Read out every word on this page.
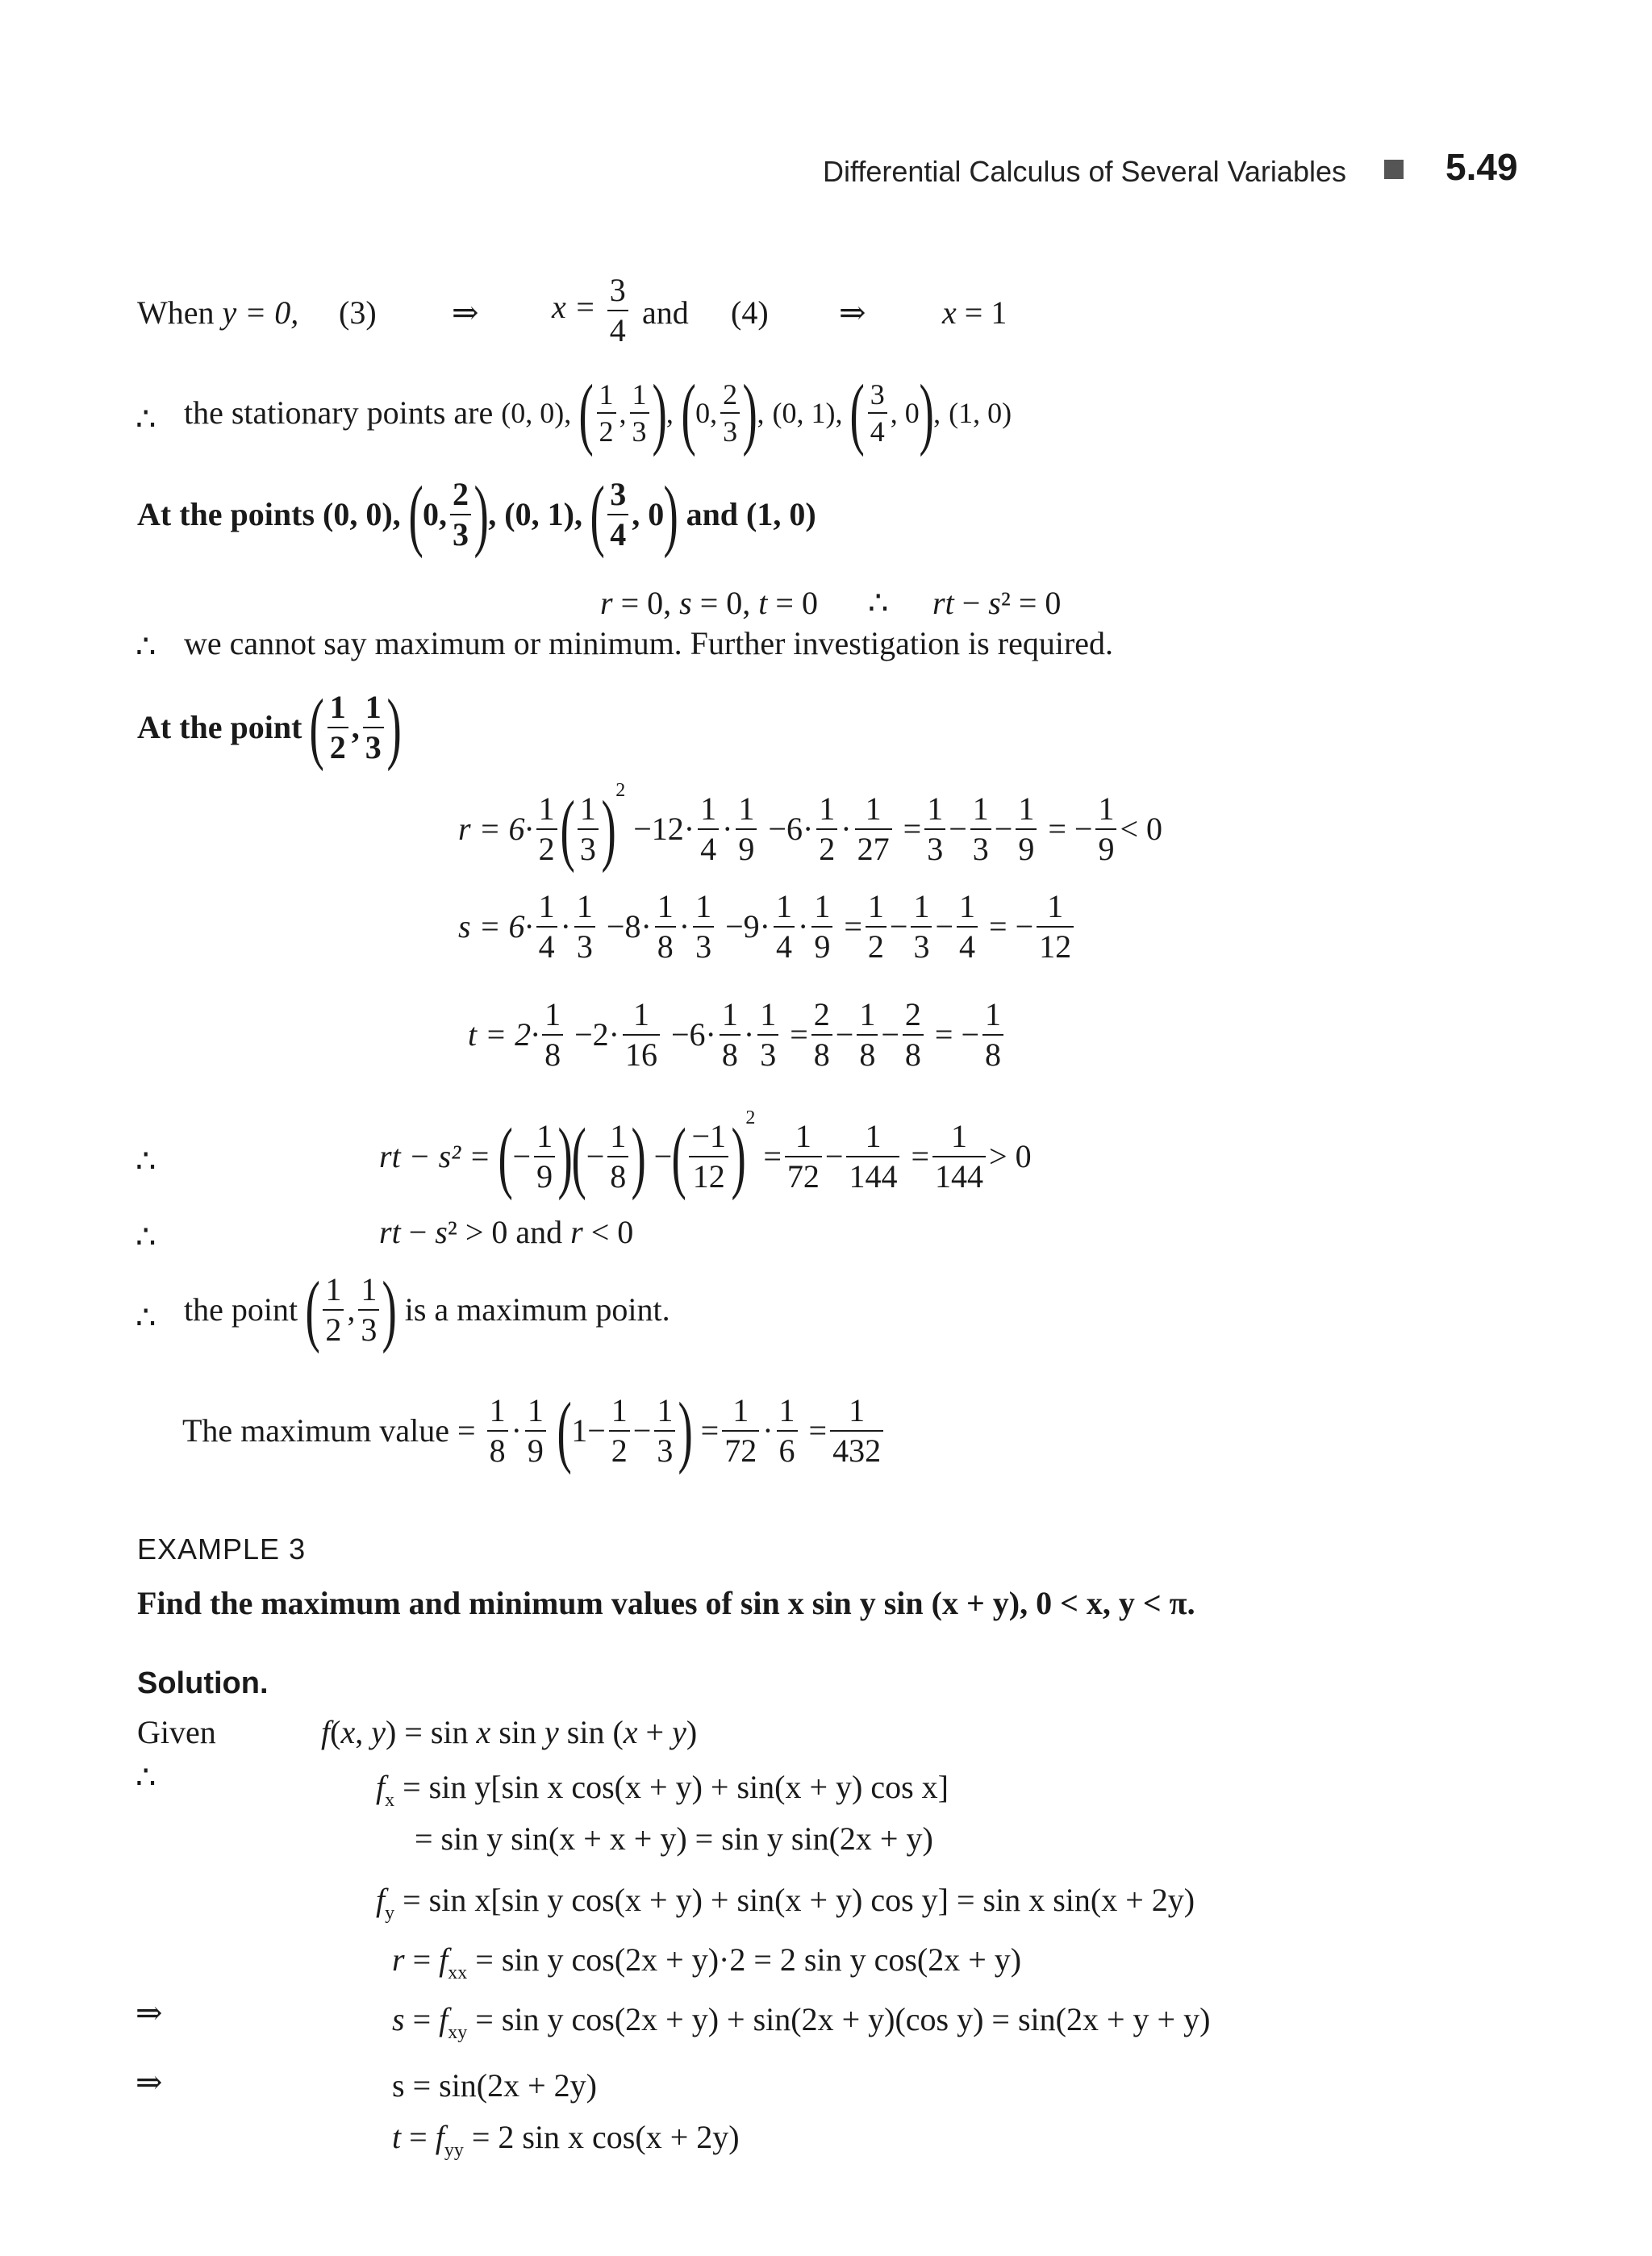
Differential Calculus of Several Variables	5.49
When y = 0, (3) ⇒ $x = \frac{3}{4}$ and (4) ⇒ x = 1
∴ the stationary points are (0, 0), ( $\frac{1}{2}$ , $\frac{1}{3}$ ), (0, $\frac{2}{3}$ ), (0, 1), ( $\frac{3}{4}$ , 0), (1, 0)
At the points (0, 0), (0, $\frac{2}{3}$ ), (0, 1), ( $\frac{3}{4}$ , 0) and (1, 0)
r = 0, s = 0, t = 0 ∴ rt − s² = 0
∴ we cannot say maximum or minimum. Further investigation is required.
At the point ( $\frac{1}{2}$ , $\frac{1}{3}$ )
$r = 6\cdot \frac{1}{2}$ ( $\frac{1}{3} )^2 -12\cdot \frac{1}{4} \cdot \frac{1}{9} -6\cdot \frac{1}{2} \cdot \frac{1}{27} = \frac{1}{3} - \frac{1}{3} - \frac{1}{9}$ = − $\frac{1}{9} < 0$
$s = 6\cdot \frac{1}{4} \cdot \frac{1}{3} -8\cdot \frac{1}{8} \cdot \frac{1}{3} -9\cdot \frac{1}{4} \cdot \frac{1}{9} = \frac{1}{2} - \frac{1}{3} - \frac{1}{4}$ = − $\frac{1}{12}$
$t = 2\cdot \frac{1}{8} -2\cdot \frac{1}{16} -6\cdot \frac{1}{8} \cdot \frac{1}{3} = \frac{2}{8} - \frac{1}{8} - \frac{2}{8}$ = − $\frac{1}{8}$
∴	rt − s² = (− $\frac{1}{9}$ )(− $\frac{1}{8}$ ) −( $\frac{-1}{12} )^2 = \frac{1}{72} - \frac{1}{144} = \frac{1}{144} > 0$
∴	rt − s² > 0 and r < 0
∴ the point ( $\frac{1}{2}$ , $\frac{1}{3}$ ) is a maximum point.
The maximum value = $\frac{1}{8} \cdot \frac{1}{9} (1- \frac{1}{2} - \frac{1}{3}$ ) = $\frac{1}{72} \cdot \frac{1}{6} = \frac{1}{432}$
EXAMPLE 3
Find the maximum and minimum values of sin x sin y sin (x + y), 0 < x, y < π.
Solution.
Given	f(x, y) = sin x sin y sin (x + y)
∴	$f_x = \sin y[\sin$ x cos(x + y) + sin(x + y) cos x]
= sin y sin(x + x + y) = sin y sin(2x + y)
$f_y = \sin x[\sin$ y cos(x + y) + sin(x + y) cos y] = sin x sin(x + 2y)
$r = f_{xx} = \sin y$ cos(2x + y)·2 = 2 sin y cos(2x + y)
⇒	$s = f_{xy} = \sin y$ cos(2x + y) + sin(2x + y)(cos y) = sin(2x + y + y)
⇒	s = sin(2x + 2y)
$t = f_{yy} = 2$ sin x cos(x + 2y)
